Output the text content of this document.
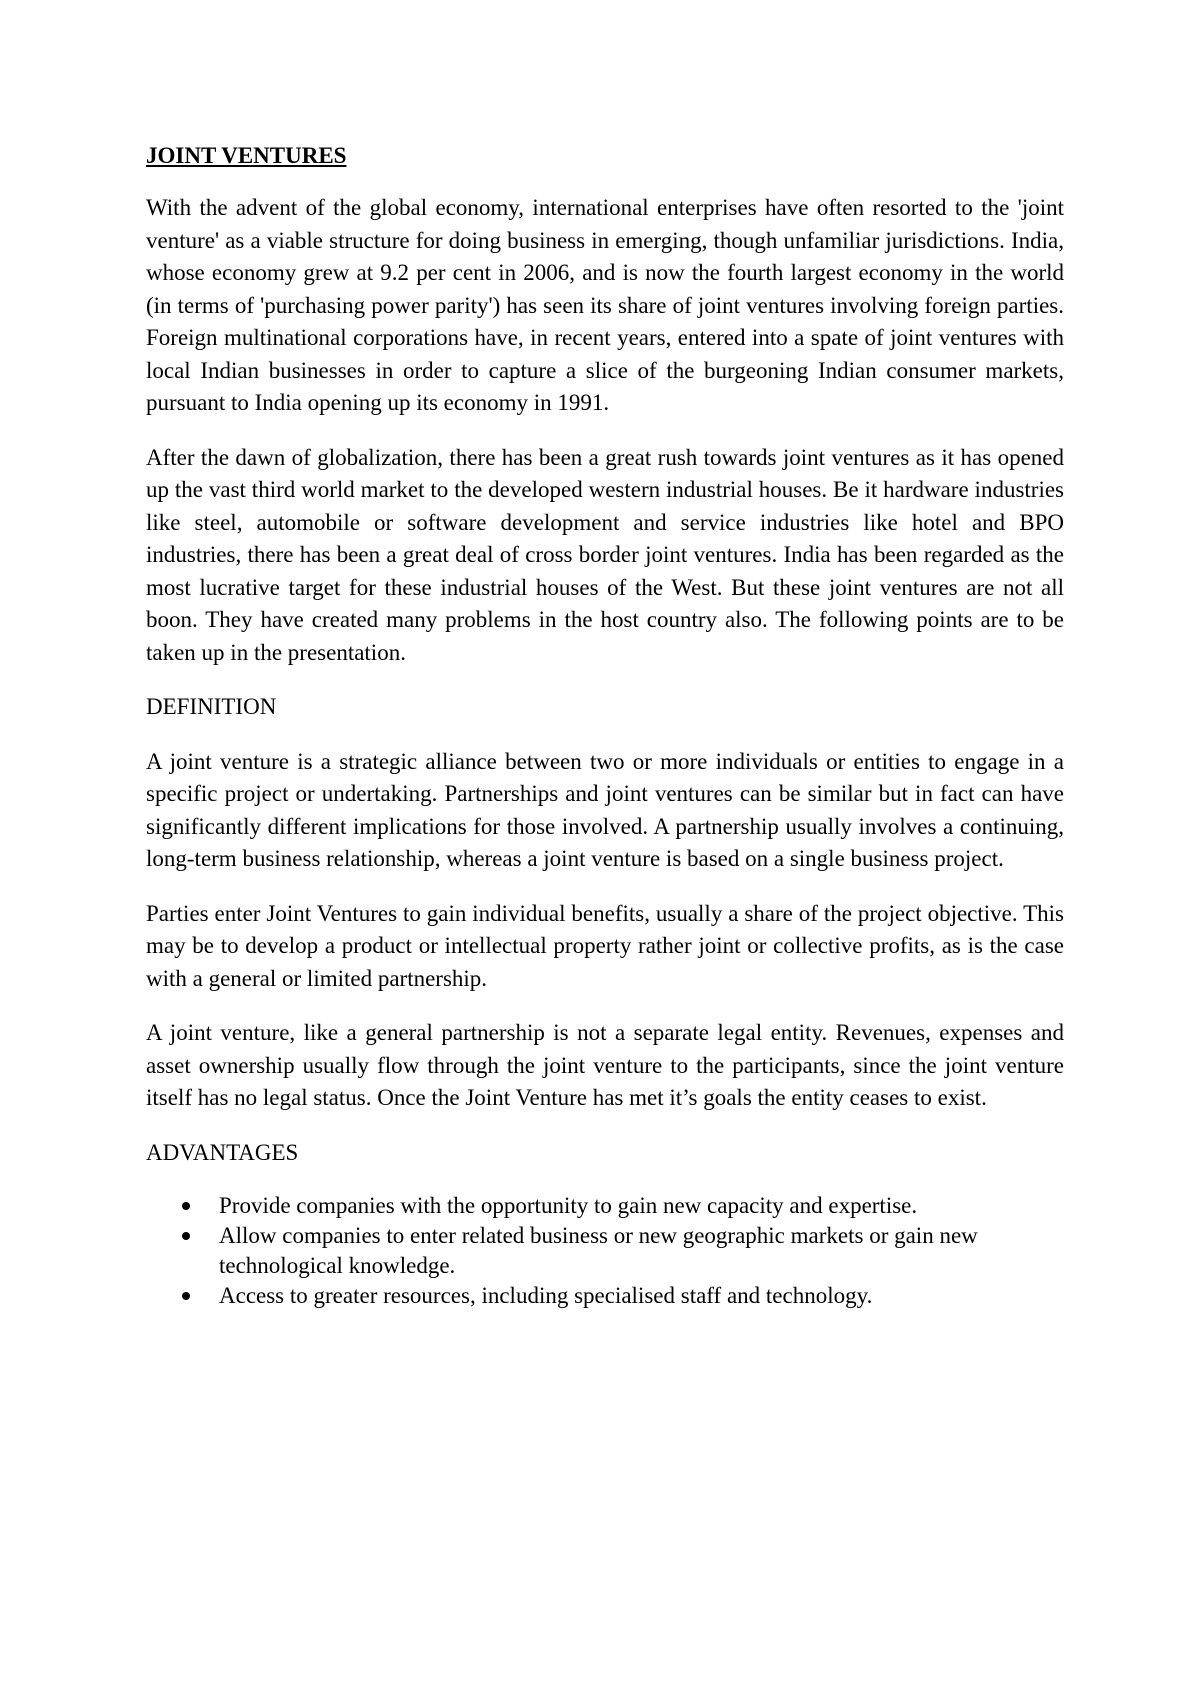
JOINT VENTURES

With the advent of the global economy, international enterprises have often resorted to the 'joint venture' as a viable structure for doing business in emerging, though unfamiliar jurisdictions. India, whose economy grew at 9.2 per cent in 2006, and is now the fourth largest economy in the world (in terms of 'purchasing power parity') has seen its share of joint ventures involving foreign parties. Foreign multinational corporations have, in recent years, entered into a spate of joint ventures with local Indian businesses in order to capture a slice of the burgeoning Indian consumer markets, pursuant to India opening up its economy in 1991.

After the dawn of globalization, there has been a great rush towards joint ventures as it has opened up the vast third world market to the developed western industrial houses. Be it hardware industries like steel, automobile or software development and service industries like hotel and BPO industries, there has been a great deal of cross border joint ventures. India has been regarded as the most lucrative target for these industrial houses of the West. But these joint ventures are not all boon. They have created many problems in the host country also. The following points are to be taken up in the presentation.

DEFINITION

A joint venture is a strategic alliance between two or more individuals or entities to engage in a specific project or undertaking. Partnerships and joint ventures can be similar but in fact can have significantly different implications for those involved. A partnership usually involves a continuing, long-term business relationship, whereas a joint venture is based on a single business project.

Parties enter Joint Ventures to gain individual benefits, usually a share of the project objective. This may be to develop a product or intellectual property rather joint or collective profits, as is the case with a general or limited partnership.

A joint venture, like a general partnership is not a separate legal entity. Revenues, expenses and asset ownership usually flow through the joint venture to the participants, since the joint venture itself has no legal status. Once the Joint Venture has met it’s goals the entity ceases to exist.

ADVANTAGES
Provide companies with the opportunity to gain new capacity and expertise.
Allow companies to enter related business or new geographic markets or gain new technological knowledge.
Access to greater resources, including specialised staff and technology.
